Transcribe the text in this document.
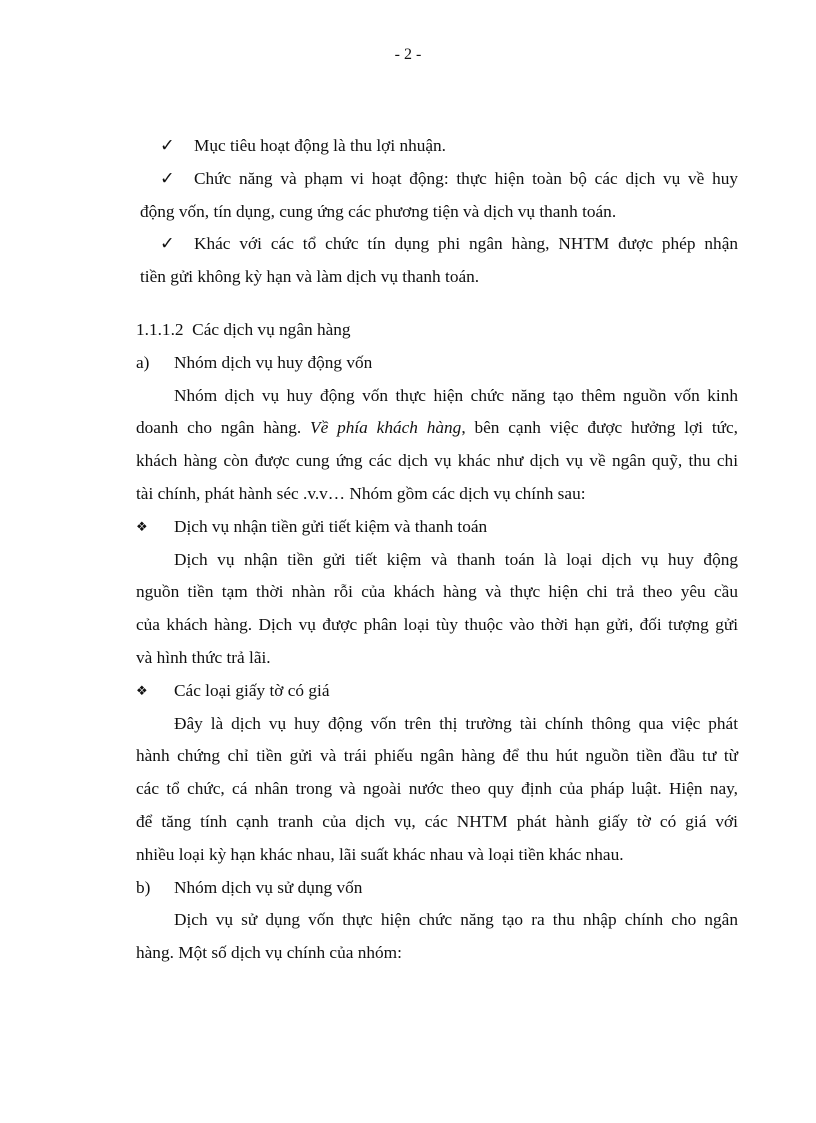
- 2 -
✓ Mục tiêu hoạt động là thu lợi nhuận.
✓ Chức năng và phạm vi hoạt động: thực hiện toàn bộ các dịch vụ về huy
động vốn, tín dụng, cung ứng các phương tiện và dịch vụ thanh toán.
✓ Khác với các tổ chức tín dụng phi ngân hàng, NHTM được phép nhận
tiền gửi không kỳ hạn và làm dịch vụ thanh toán.
1.1.1.2 Các dịch vụ ngân hàng
a) Nhóm dịch vụ huy động vốn
Nhóm dịch vụ huy động vốn thực hiện chức năng tạo thêm nguồn vốn kinh
doanh cho ngân hàng. Về phía khách hàng, bên cạnh việc được hưởng lợi tức,
khách hàng còn được cung ứng các dịch vụ khác như dịch vụ về ngân quỹ, thu chi
tài chính, phát hành séc .v.v… Nhóm gồm các dịch vụ chính sau:
❖ Dịch vụ nhận tiền gửi tiết kiệm và thanh toán
Dịch vụ nhận tiền gửi tiết kiệm và thanh toán là loại dịch vụ huy động
nguồn tiền tạm thời nhàn rỗi của khách hàng và thực hiện chi trả theo yêu cầu
của khách hàng. Dịch vụ được phân loại tùy thuộc vào thời hạn gửi, đối tượng gửi
và hình thức trả lãi.
❖ Các loại giấy tờ có giá
Đây là dịch vụ huy động vốn trên thị trường tài chính thông qua việc phát
hành chứng chỉ tiền gửi và trái phiếu ngân hàng để thu hút nguồn tiền đầu tư từ
các tổ chức, cá nhân trong và ngoài nước theo quy định của pháp luật. Hiện nay,
để tăng tính cạnh tranh của dịch vụ, các NHTM phát hành giấy tờ có giá với
nhiều loại kỳ hạn khác nhau, lãi suất khác nhau và loại tiền khác nhau.
b) Nhóm dịch vụ sử dụng vốn
Dịch vụ sử dụng vốn thực hiện chức năng tạo ra thu nhập chính cho ngân
hàng. Một số dịch vụ chính của nhóm:
